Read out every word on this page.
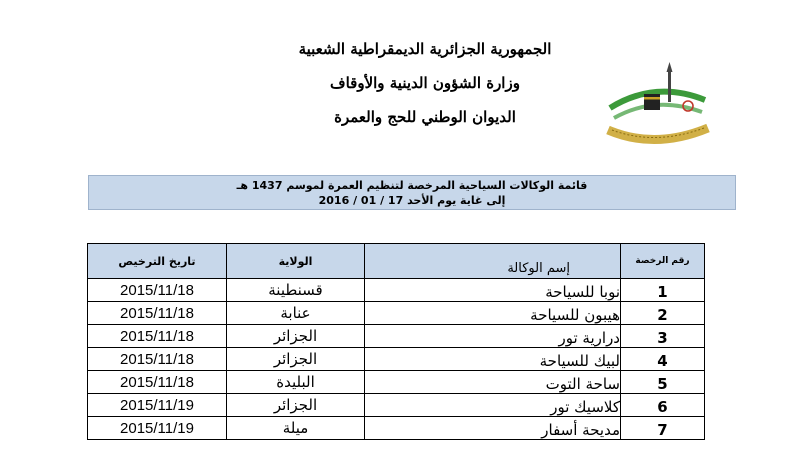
الجمهورية الجزائرية الديمقراطية الشعبية
وزارة الشؤون الدينية والأوقاف
الديوان الوطني للحج والعمرة
قائمة الوكالات السياحية المرخصة لتنظيم العمرة لموسم 1437 هـ
إلى غاية يوم الأحد 17 / 01 / 2016
تاريخ الترخيص	الولاية	إسم الوكالة	رقم الرخصة
2015/11/18	قسنطينة	نوبا للسياحة	1
2015/11/18	عنابة	هيبون للسياحة	2
2015/11/18	الجزائر	درارية تور	3
2015/11/18	الجزائر	لبيك للسياحة	4
2015/11/18	البليدة	ساحة التوت	5
2015/11/19	الجزائر	كلاسيك تور	6
2015/11/19	ميلة	مديحة أسفار	7
